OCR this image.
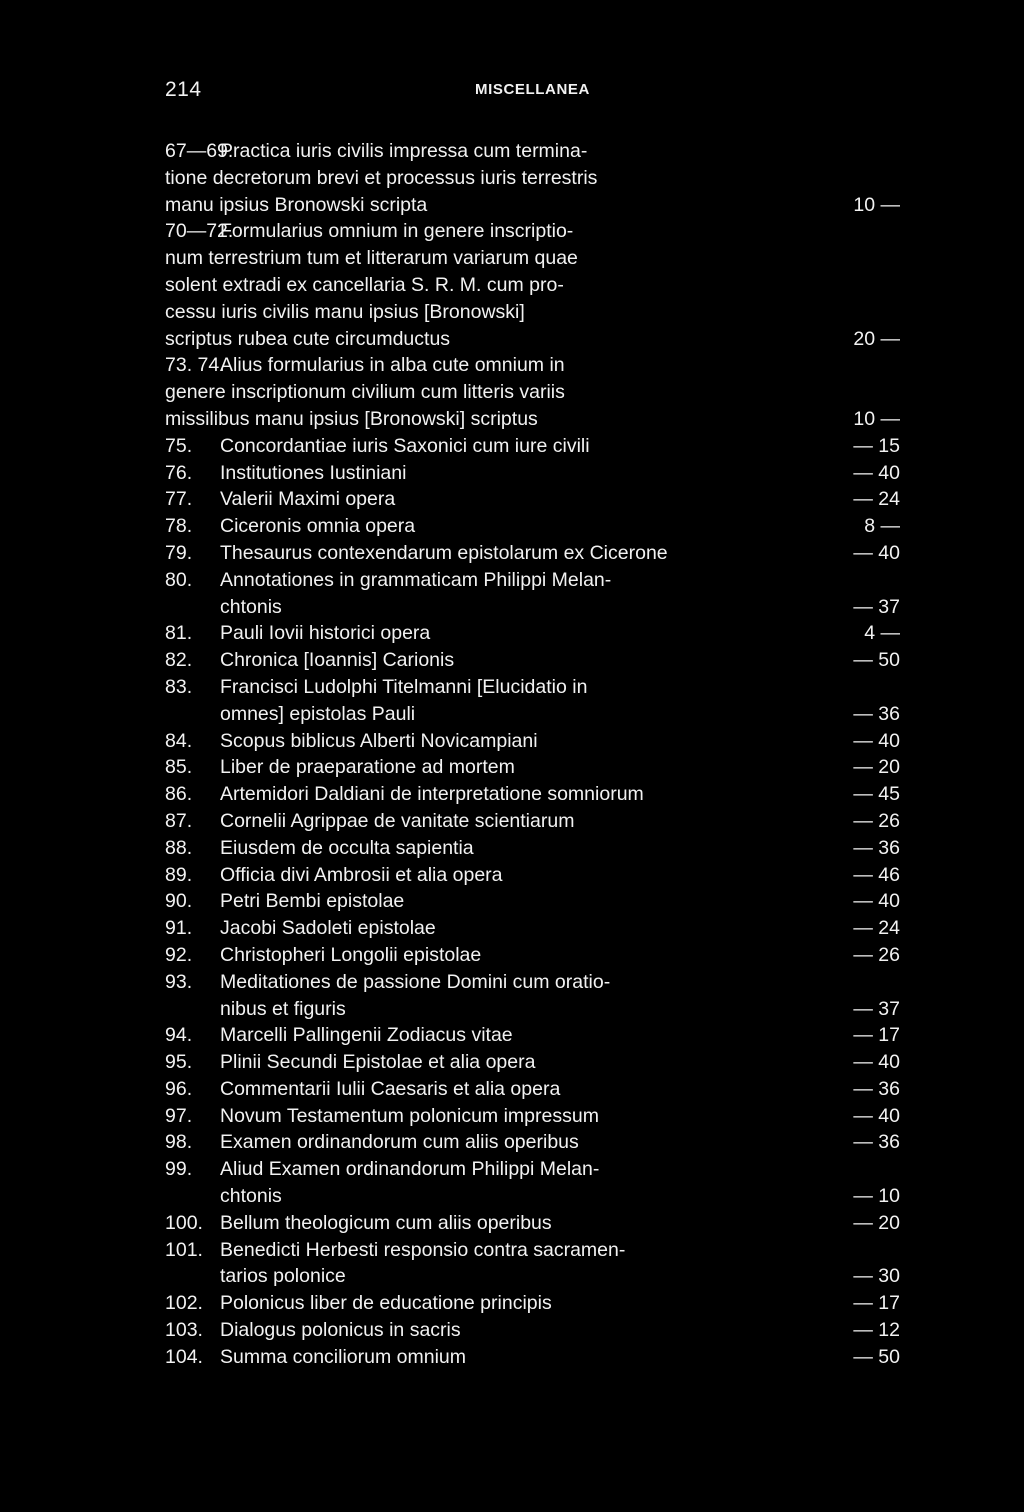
214	MISCELLANEA
67—69.
Practica iuris civilis impressa cum termina-
tione decretorum brevi et processus iuris terrestris
manu ipsius Bronowski scripta	10 —
70—72.
Formularius omnium in genere inscriptio-
num terrestrium tum et litterarum variarum quae
solent extradi ex cancellaria S. R. M. cum pro-
cessu iuris civilis manu ipsius [Bronowski]
scriptus rubea cute circumductus	20 —
73. 74.
Alius formularius in alba cute omnium in
genere inscriptionum civilium cum litteris variis
missilibus manu ipsius [Bronowski] scriptus	10 —
75.	Concordantiae iuris Saxonici cum iure civili	— 15
76.	Institutiones Iustiniani	— 40
77.	Valerii Maximi opera	— 24
78.	Ciceronis omnia opera	8 —
79.	Thesaurus contexendarum epistolarum ex Cicerone	— 40
80.	Annotationes in grammaticam Philippi Melan-
chtonis	— 37
81.	Pauli Iovii historici opera	4 —
82.	Chronica [Ioannis] Carionis	— 50
83.	Francisci Ludolphi Titelmanni [Elucidatio in
omnes] epistolas Pauli	— 36
84.	Scopus biblicus Alberti Novicampiani	— 40
85.	Liber de praeparatione ad mortem	— 20
86.	Artemidori Daldiani de interpretatione somniorum	— 45
87.	Cornelii Agrippae de vanitate scientiarum	— 26
88.	Eiusdem de occulta sapientia	— 36
89.	Officia divi Ambrosii et alia opera	— 46
90.	Petri Bembi epistolae	— 40
91.	Jacobi Sadoleti epistolae	— 24
92.	Christopheri Longolii epistolae	— 26
93.	Meditationes de passione Domini cum oratio-
nibus et figuris	— 37
94.	Marcelli Pallingenii Zodiacus vitae	— 17
95.	Plinii Secundi Epistolae et alia opera	— 40
96.	Commentarii Iulii Caesaris et alia opera	— 36
97.	Novum Testamentum polonicum impressum	— 40
98.	Examen ordinandorum cum aliis operibus	— 36
99.	Aliud Examen ordinandorum Philippi Melan-
chtonis	— 10
100. Bellum theologicum cum aliis operibus	— 20
101. Benedicti Herbesti responsio contra sacramen-
tarios polonice	— 30
102. Polonicus liber de educatione principis	— 17
103. Dialogus polonicus in sacris	— 12
104. Summa conciliorum omnium	— 50
